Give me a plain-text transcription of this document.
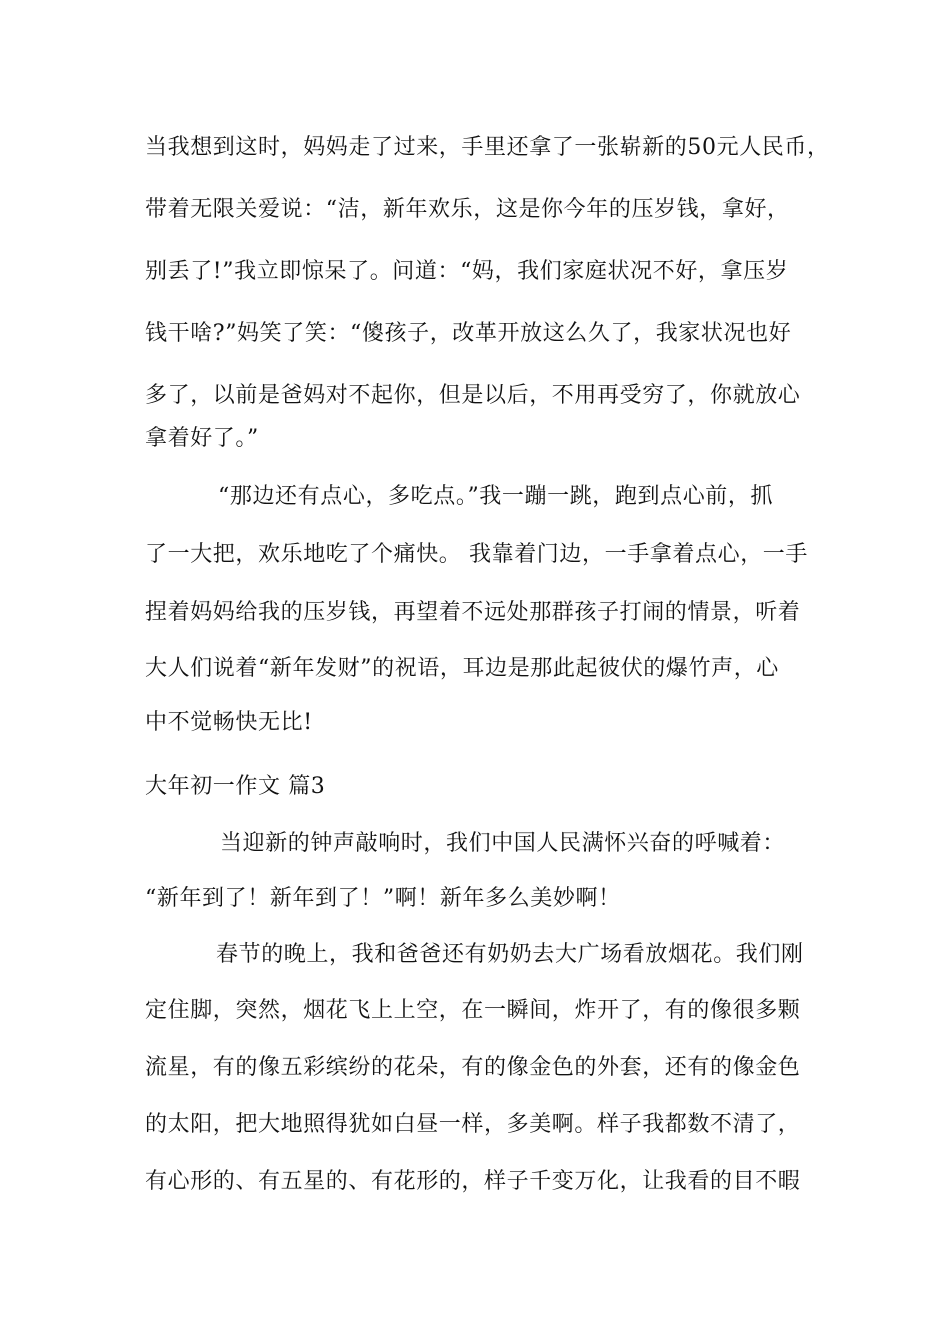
当我想到这时，妈妈走了过来，手里还拿了一张崭新的50元人民币，
带着无限关爱说：“洁，新年欢乐，这是你今年的压岁钱，拿好，
别丢了!”我立即惊呆了。问道：“妈，我们家庭状况不好，拿压岁
钱干啥?”妈笑了笑：“傻孩子，改革开放这么久了，我家状况也好
多了，以前是爸妈对不起你，但是以后，不用再受穷了，你就放心
拿着好了。”
“那边还有点心，多吃点。”我一蹦一跳，跑到点心前，抓
了一大把，欢乐地吃了个痛快。 我靠着门边，一手拿着点心，一手
捏着妈妈给我的压岁钱，再望着不远处那群孩子打闹的情景，听着
大人们说着“新年发财”的祝语，耳边是那此起彼伏的爆竹声，心
中不觉畅快无比!
大年初一作文 篇3
当迎新的钟声敲响时，我们中国人民满怀兴奋的呼喊着：
“新年到了！新年到了！”啊！新年多么美妙啊！
春节的晚上，我和爸爸还有奶奶去大广场看放烟花。我们刚
定住脚，突然，烟花飞上上空，在一瞬间，炸开了，有的像很多颗
流星，有的像五彩缤纷的花朵，有的像金色的外套，还有的像金色
的太阳，把大地照得犹如白昼一样，多美啊。样子我都数不清了，
有心形的、有五星的、有花形的，样子千变万化，让我看的目不暇
